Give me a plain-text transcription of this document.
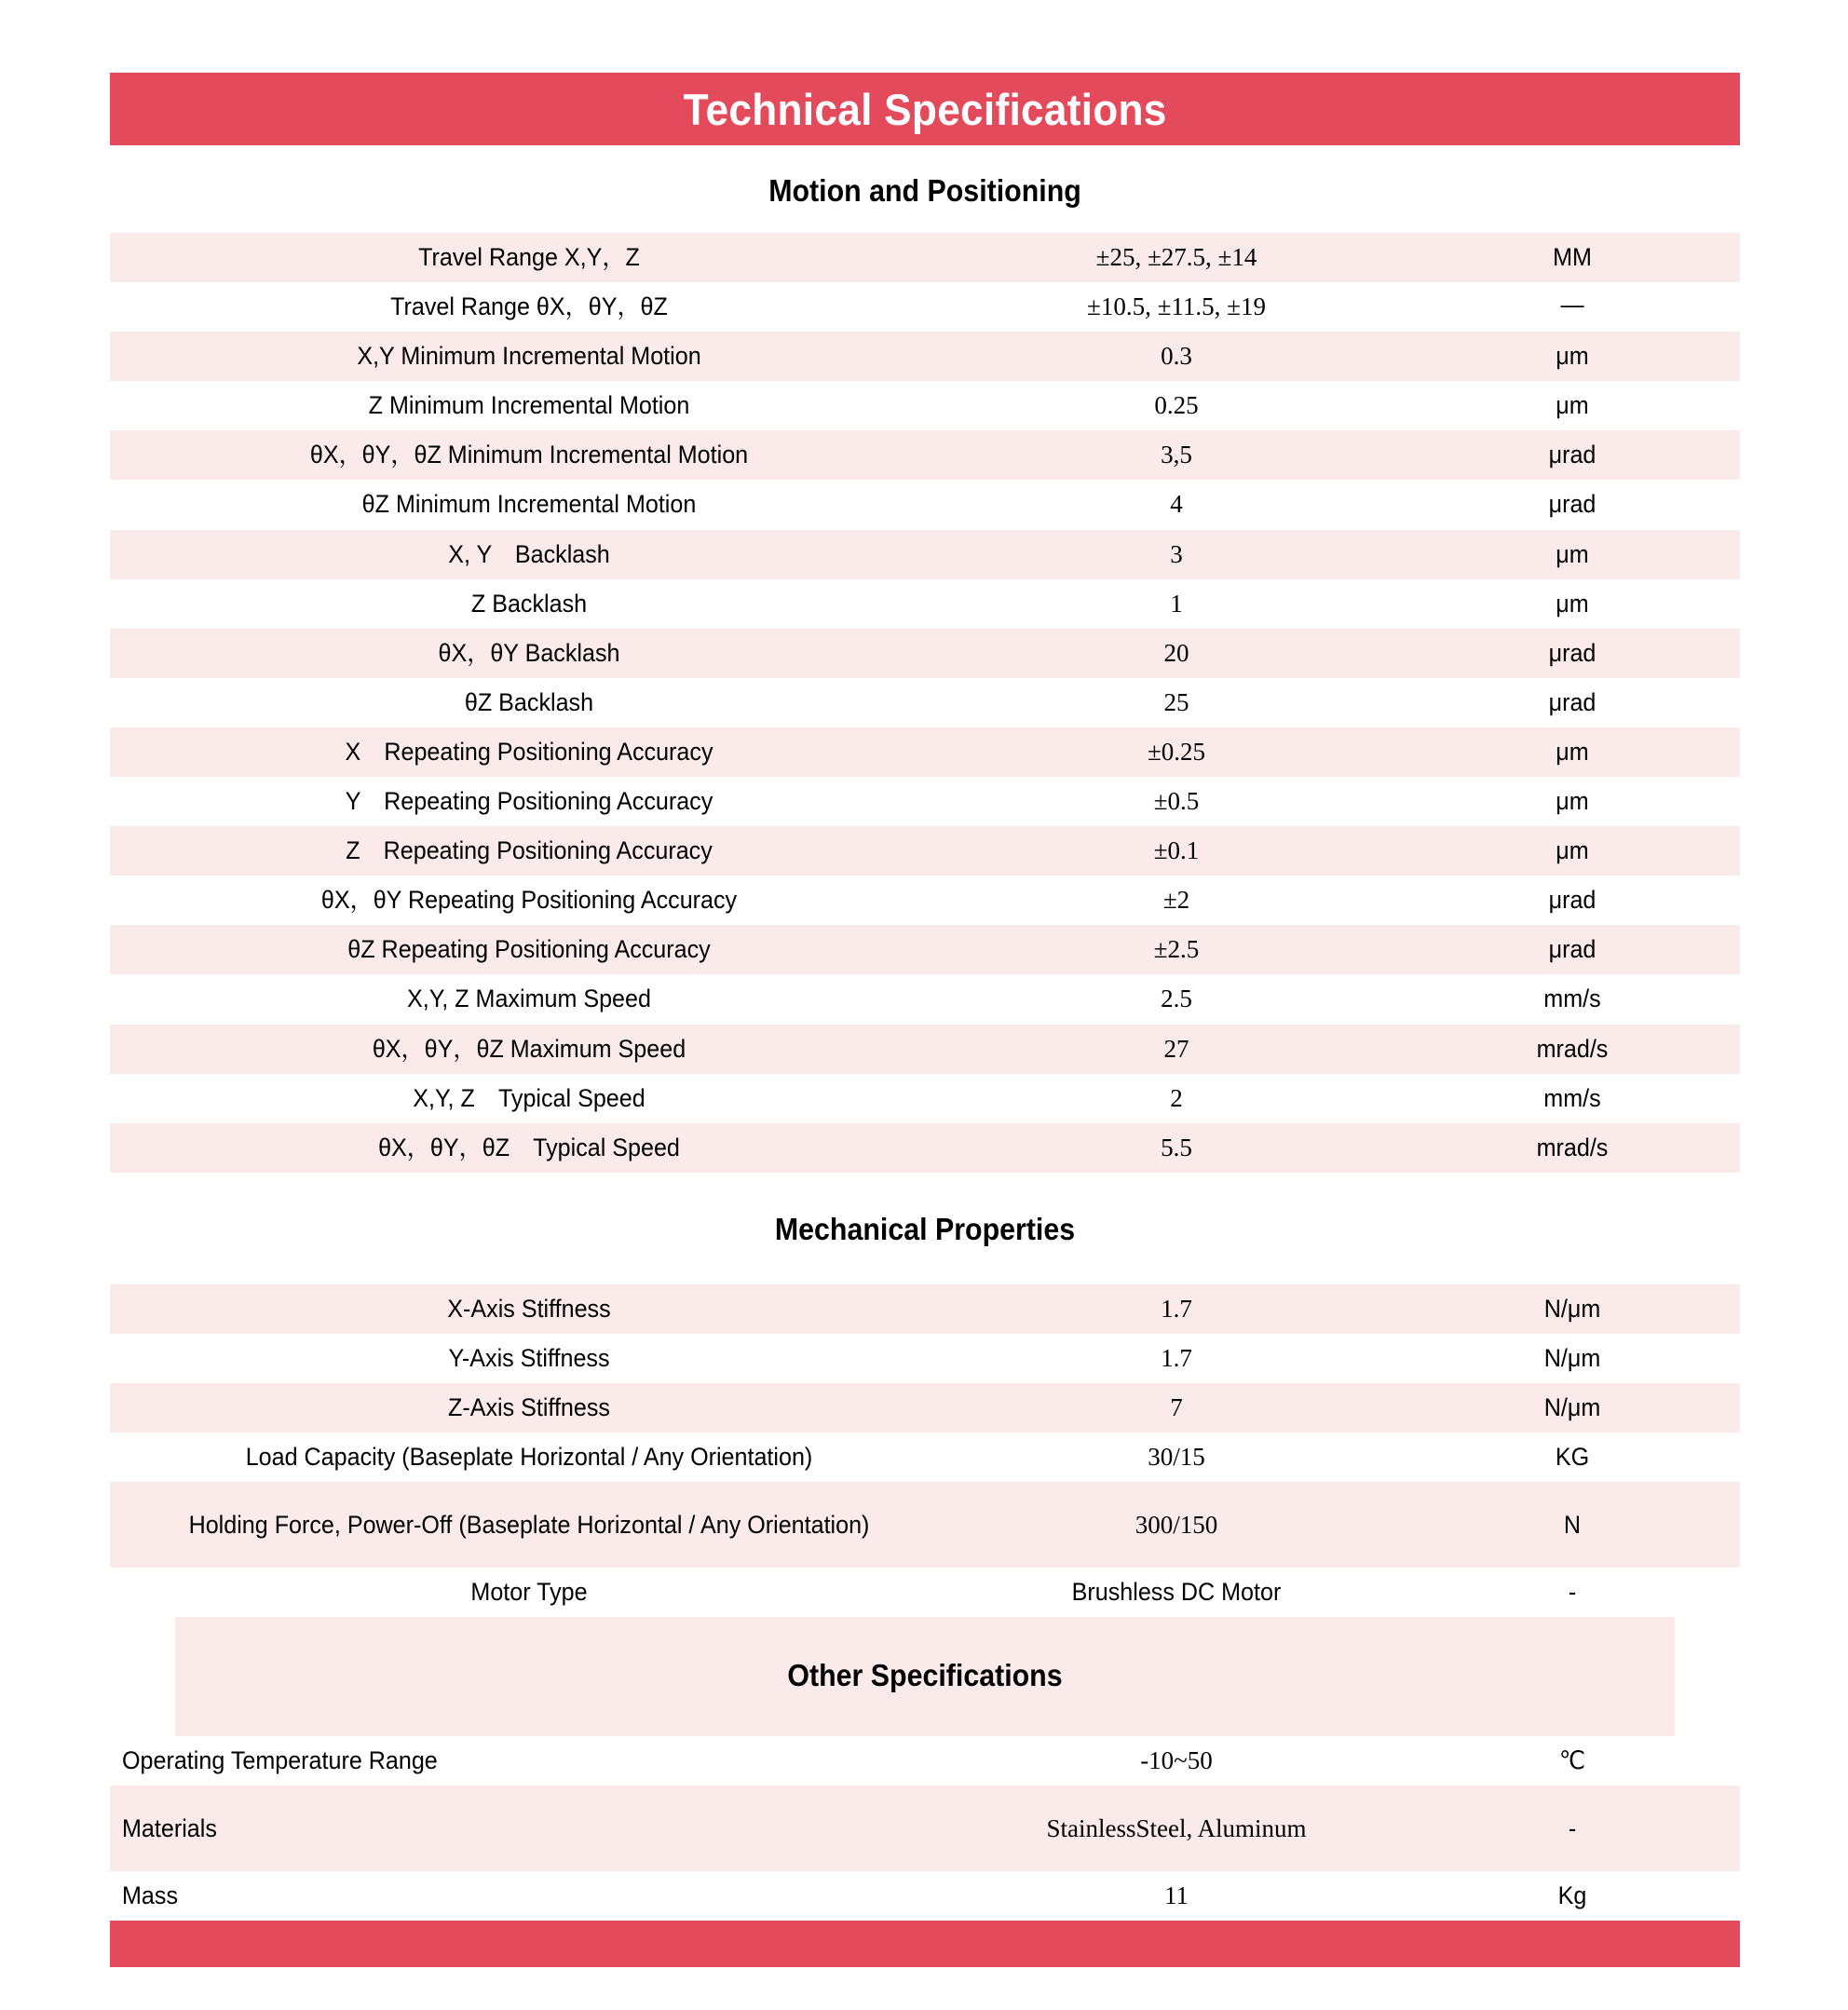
Technical Specifications
Motion and Positioning
Travel Range X,Y，Z	±25, ±27.5, ±14	MM
Travel Range θX，θY，θZ	±10.5, ±11.5, ±19	—
X,Y Minimum Incremental Motion	0.3	μm
Z Minimum Incremental Motion	0.25	μm
θX，θY，θZ Minimum Incremental Motion	3,5	μrad
θZ Minimum Incremental Motion	4	μrad
X, Y　Backlash	3	μm
Z Backlash	1	μm
θX，θY Backlash	20	μrad
θZ Backlash	25	μrad
X　Repeating Positioning Accuracy	±0.25	μm
Y　Repeating Positioning Accuracy	±0.5	μm
Z　Repeating Positioning Accuracy	±0.1	μm
θX，θY Repeating Positioning Accuracy	±2	μrad
θZ Repeating Positioning Accuracy	±2.5	μrad
X,Y, Z Maximum Speed	2.5	mm/s
θX，θY，θZ Maximum Speed	27	mrad/s
X,Y, Z　Typical Speed	2	mm/s
θX，θY，θZ　Typical Speed	5.5	mrad/s
Mechanical Properties
X-Axis Stiffness	1.7	N/μm
Y-Axis Stiffness	1.7	N/μm
Z-Axis Stiffness	7	N/μm
Load Capacity (Baseplate Horizontal / Any Orientation)	30/15	KG
Holding Force, Power-Off (Baseplate Horizontal / Any Orientation)	300/150	N
Motor Type	Brushless DC Motor	-
Other Specifications
Operating Temperature Range	-10~50	℃
Materials	StainlessSteel, Aluminum	-
Mass	11	Kg
